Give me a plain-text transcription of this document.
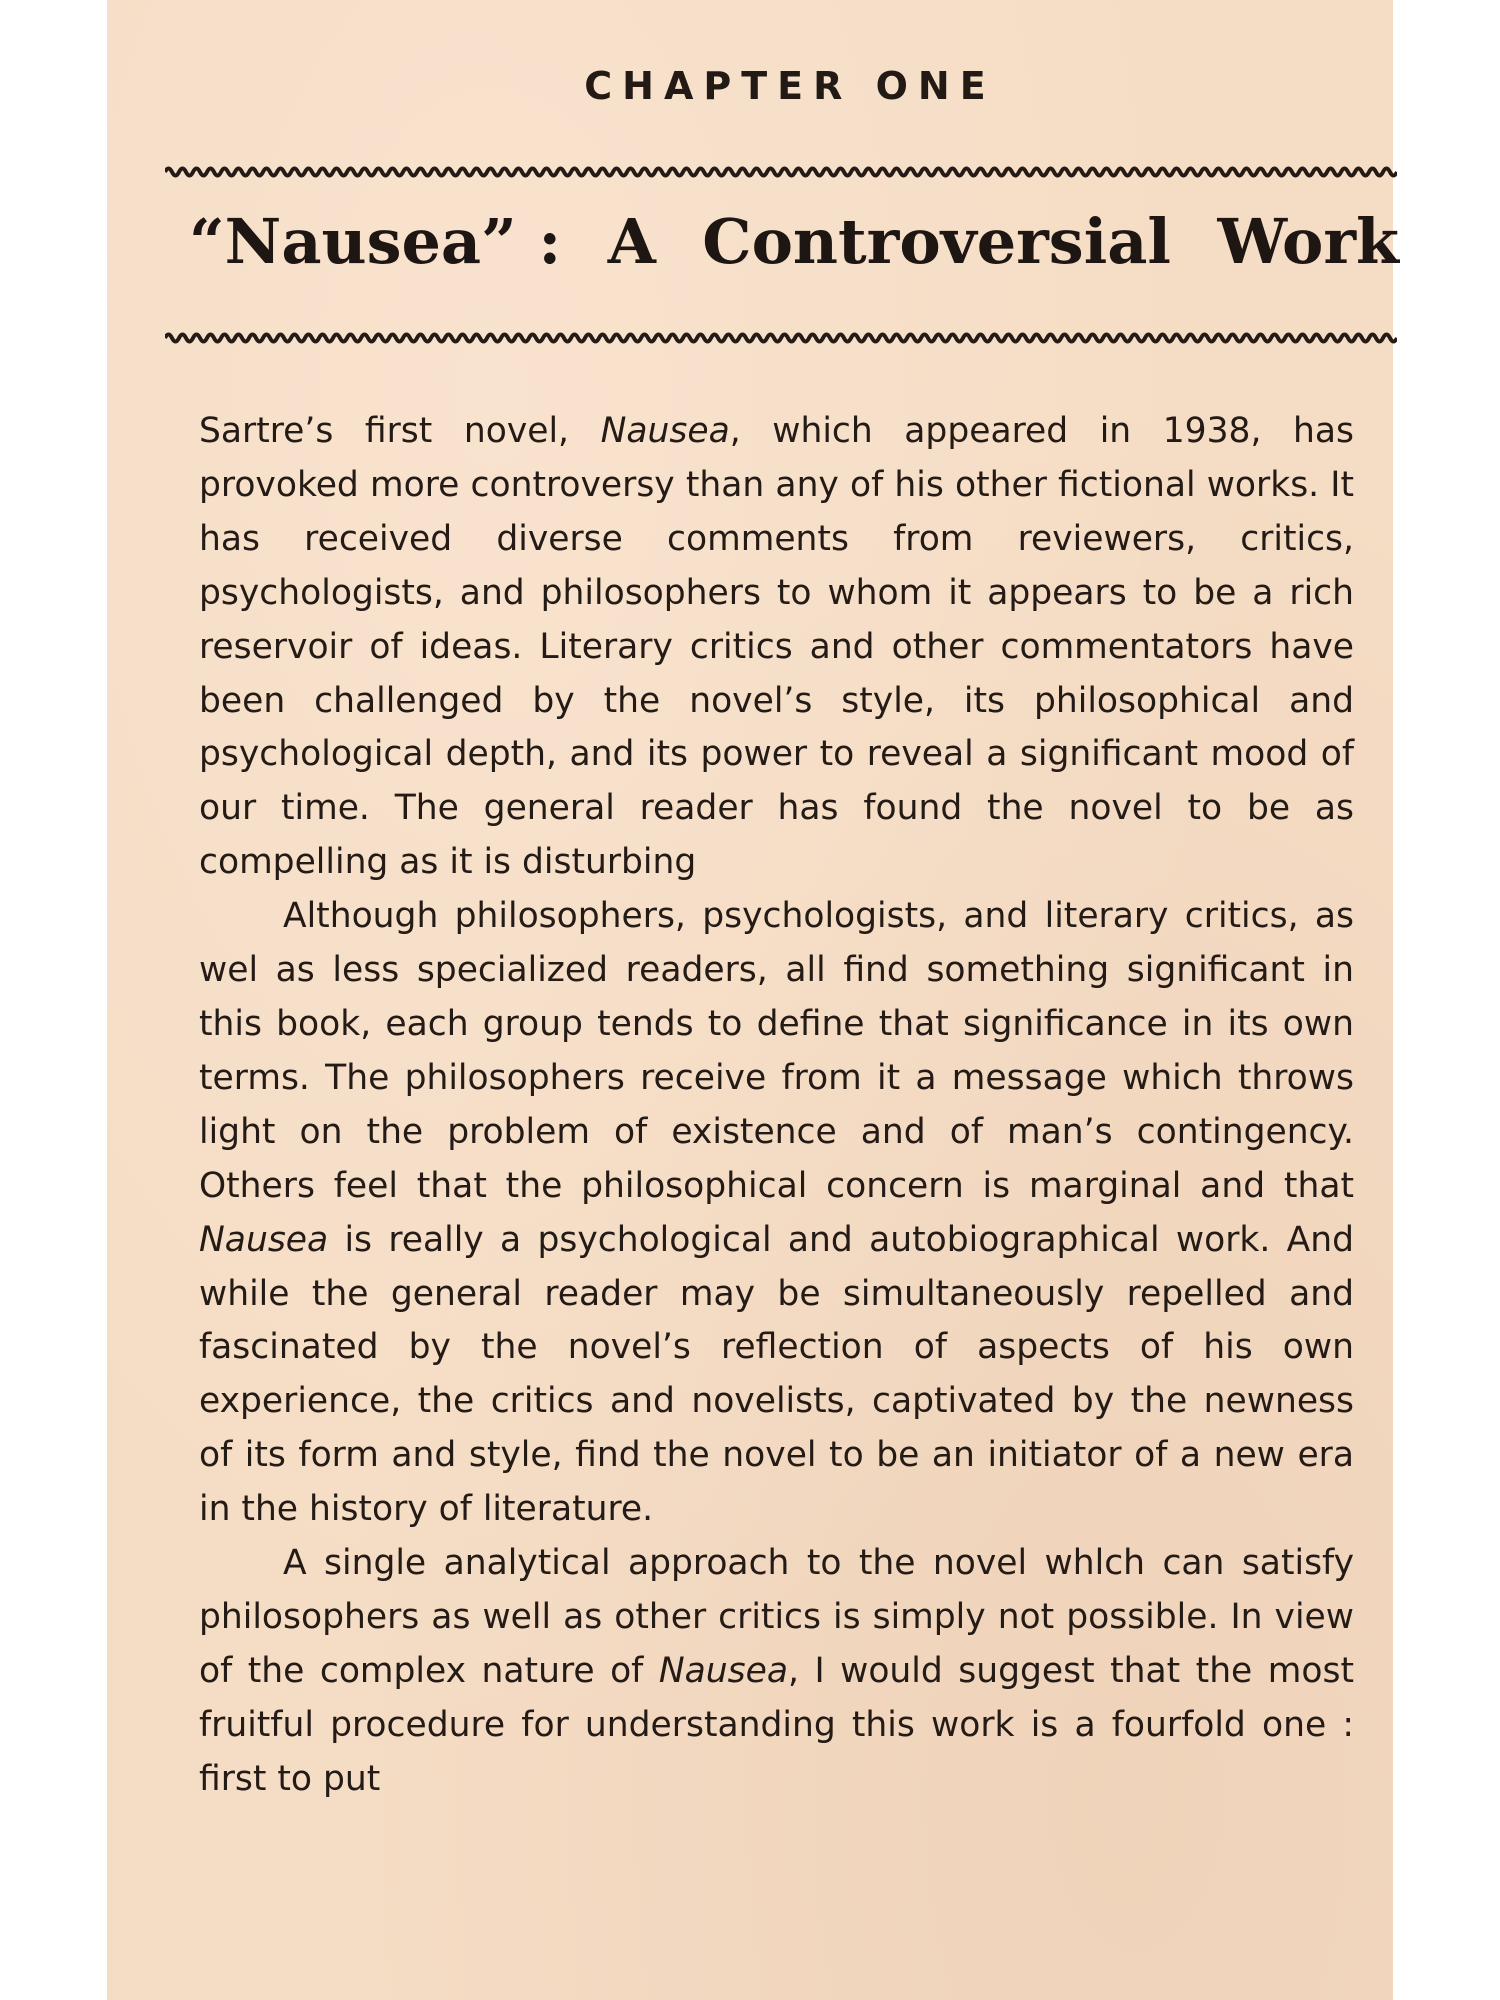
CHAPTER ONE
“Nausea” : A Controversial Work

Sartre’s first novel, Nausea, which appeared in 1938, has provoked more controversy than any of his other fictional works. It has received diverse comments from reviewers, critics, psychologists, and philosophers to whom it appears to be a rich reservoir of ideas. Literary critics and other commentators have been challenged by the novel’s style, its philosophical and psychological depth, and its power to reveal a significant mood of our time. The general reader has found the novel to be as compelling as it is disturbing

Although philosophers, psychologists, and literary critics, as wel as less specialized readers, all find something significant in this book, each group tends to define that significance in its own terms. The philosophers receive from it a message which throws light on the problem of existence and of man’s contingency. Others feel that the philosophical concern is marginal and that Nausea is really a psychological and autobiographical work. And while the general reader may be simultaneously repelled and fascinated by the novel’s reflection of aspects of his own experience, the critics and novelists, captivated by the newness of its form and style, find the novel to be an initiator of a new era in the history of literature.

A single analytical approach to the novel whlch can satisfy philosophers as well as other critics is simply not possible. In view of the complex nature of Nausea, I would suggest that the most fruitful procedure for understanding this work is a fourfold one : first to put
